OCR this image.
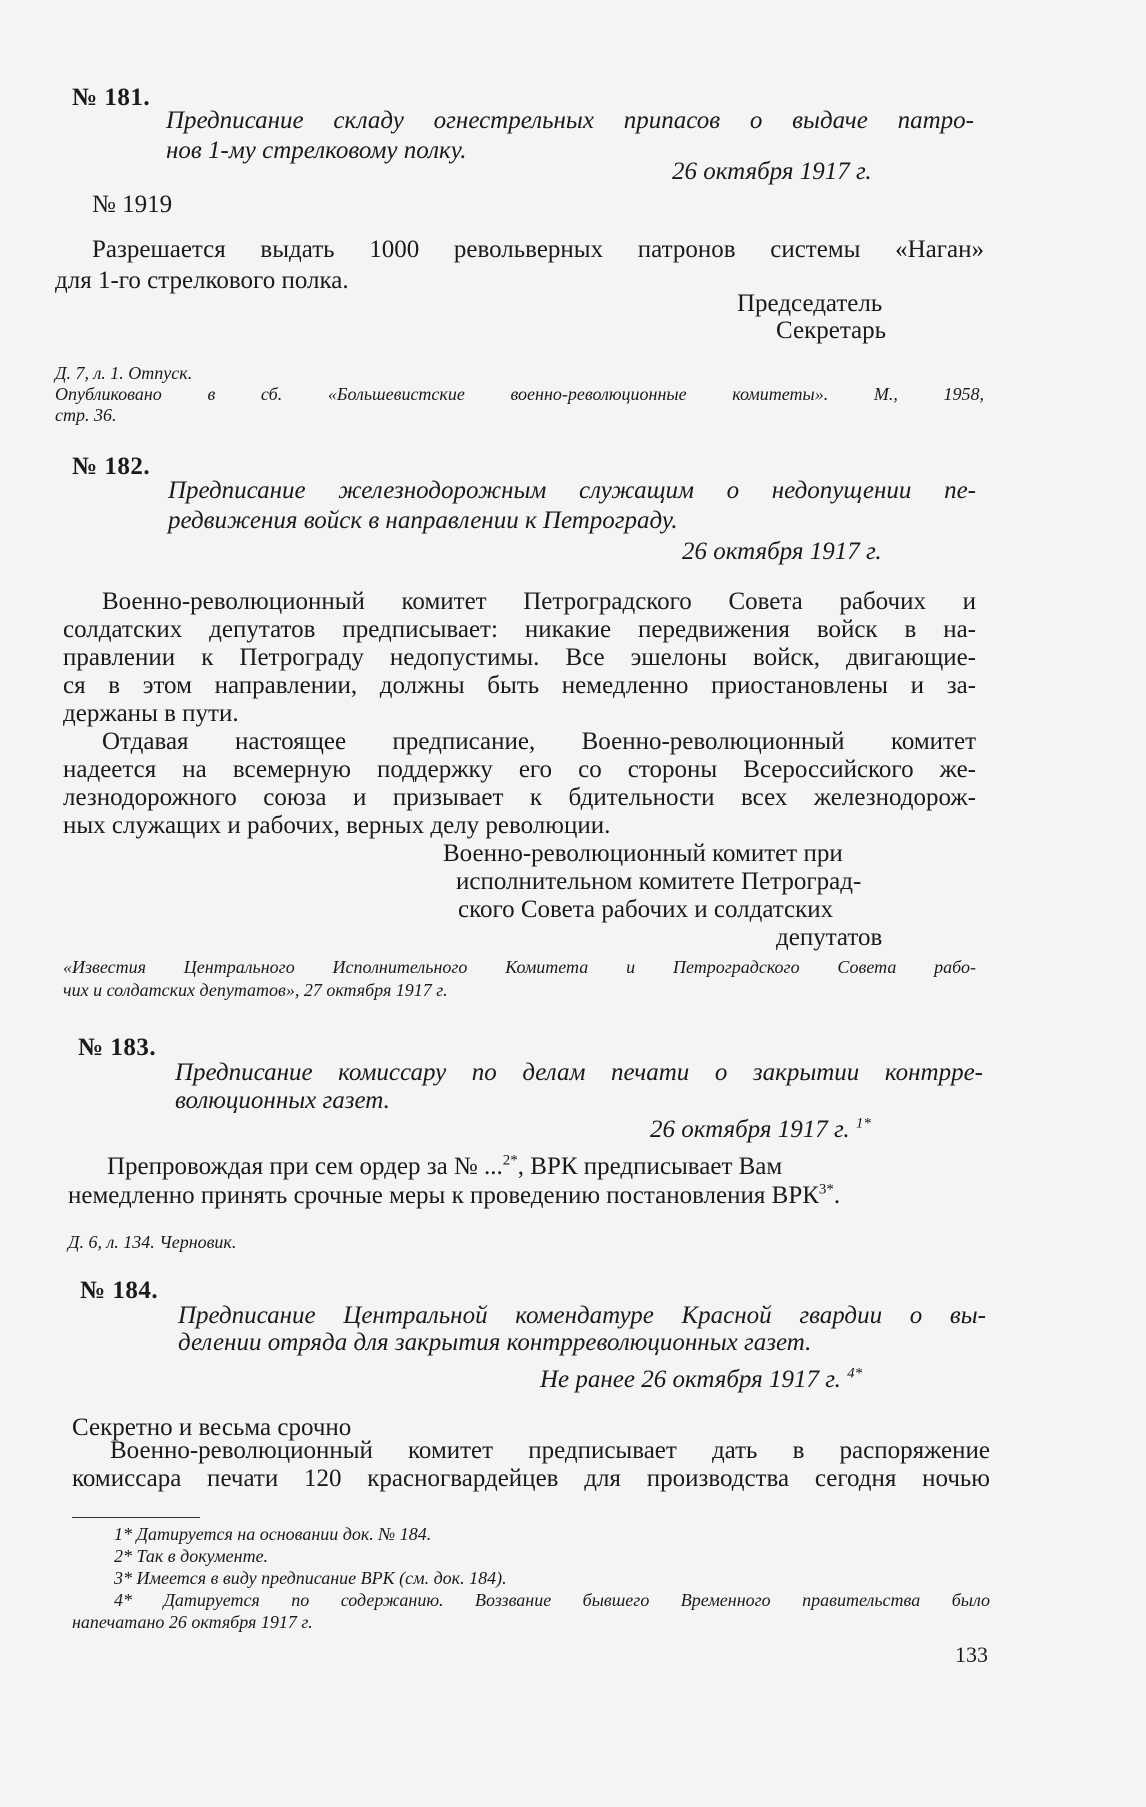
№ 181.
Предписание складу огнестрельных припасов о выдаче патро-
нов 1-му стрелковому полку.
26 октября 1917 г.
№ 1919
Разрешается выдать 1000 револьверных патронов системы «Наган»
для 1-го стрелкового полка.
Председатель
Секретарь
Д. 7, л. 1. Отпуск.
Опубликовано в сб. «Большевистские военно-революционные комитеты». М., 1958,
стр. 36.
№ 182.
Предписание железнодорожным служащим о недопущении пе-
редвижения войск в направлении к Петрограду.
26 октября 1917 г.
Военно-революционный комитет Петроградского Совета рабочих и
солдатских депутатов предписывает: никакие передвижения войск в на-
правлении к Петрограду недопустимы. Все эшелоны войск, двигающие-
ся в этом направлении, должны быть немедленно приостановлены и за-
держаны в пути.
Отдавая настоящее предписание, Военно-революционный комитет
надеется на всемерную поддержку его со стороны Всероссийского же-
лезнодорожного союза и призывает к бдительности всех железнодорож-
ных служащих и рабочих, верных делу революции.
Военно-революционный комитет при
исполнительном комитете Петроград-
ского Совета рабочих и солдатских
депутатов
«Известия Центрального Исполнительного Комитета и Петроградского Совета рабо-
чих и солдатских депутатов», 27 октября 1917 г.
№ 183.
Предписание комиссару по делам печати о закрытии контрре-
волюционных газет.
26 октября 1917 г. $^{1*}$
Препровождая при сем ордер за № ...$^{2*}$, ВРК предписывает Вам
немедленно принять срочные меры к проведению постановления $ВРК^{3*}$.
Д. 6, л. 134. Черновик.
№ 184.
Предписание Центральной комендатуре Красной гвардии о вы-
делении отряда для закрытия контрреволюционных газет.
Не ранее 26 октября 1917 г. $^{4*}$
Секретно и весьма срочно
Военно-революционный комитет предписывает дать в распоряжение
комиссара печати 120 красногвардейцев для производства сегодня ночью
1* Датируется на основании док. № 184.
2* Так в документе.
3* Имеется в виду предписание ВРК (см. док. 184).
4* Датируется по содержанию. Воззвание бывшего Временного правительства было
напечатано 26 октября 1917 г.
133
